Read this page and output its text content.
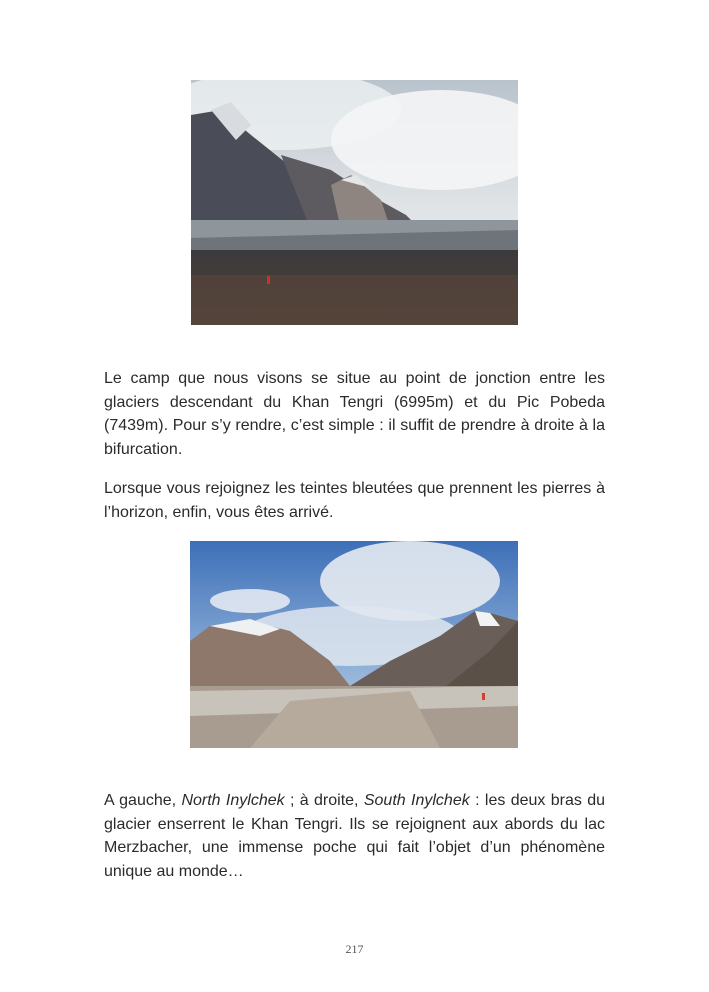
Le camp que nous visons se situe au point de jonction entre les glaciers descendant du Khan Tengri (6995m) et du Pic Pobeda (7439m). Pour s’y rendre, c’est simple : il suffit de prendre à droite à la bifurcation.

Lorsque vous rejoignez les teintes bleutées que prennent les pierres à l’horizon, enfin, vous êtes arrivé.

A gauche, North Inylchek ; à droite, South Inylchek : les deux bras du glacier enserrent le Khan Tengri. Ils se rejoignent aux abords du lac Merzbacher, une immense poche qui fait l’objet d’un phénomène unique au monde…

217
